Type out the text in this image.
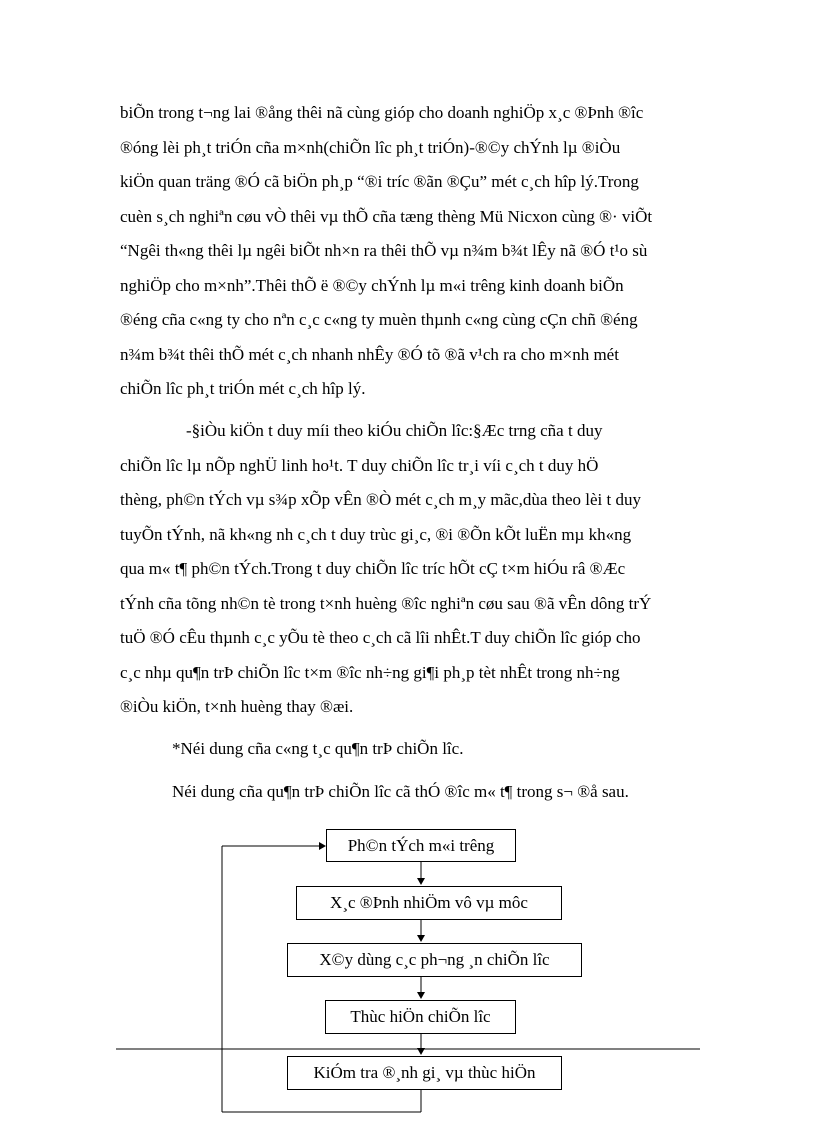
biÕn trong t¬ng lai ®ång thêi nã cùng gióp cho doanh nghiÖp x¸c ®Þnh ®îc
®óng lèi ph¸t triÓn cña m×nh(chiÕn lîc ph¸t triÓn)-®©y chÝnh lµ ®iÒu
kiÖn quan träng ®Ó cã biÖn ph¸p “®i tríc ®ãn ®Çu” mét c¸ch hîp lý.Trong
cuèn s¸ch nghiªn cøu vÒ thêi vµ thÕ cña tæng thèng Mü Nicxon cùng ®· viÕt
“Ngêi th«ng thêi lµ ngêi biÕt nh×n ra thêi thÕ vµ n¾m b¾t lÊy nã ®Ó t¹o sù
nghiÖp cho m×nh”.Thêi thÕ ë ®©y chÝnh lµ m«i trêng kinh doanh biÕn
®éng cña c«ng ty cho nªn c¸c c«ng ty muèn thµnh c«ng cùng cÇn chñ ®éng
n¾m b¾t thêi thÕ mét c¸ch nhanh nhÊy ®Ó tõ ®ã v¹ch ra cho m×nh mét
chiÕn lîc ph¸t triÓn mét c¸ch hîp lý.
-§iÒu kiÖn t duy míi theo kiÓu chiÕn lîc:§Æc trng cña t duy
chiÕn lîc lµ nÕp nghÜ linh ho¹t. T duy chiÕn lîc tr¸i víi c¸ch t duy hÖ
thèng, ph©n tÝch vµ s¾p xÕp vÊn ®Ò mét c¸ch m¸y mãc,dùa theo lèi t duy
tuyÕn tÝnh, nã kh«ng nh c¸ch t duy trùc gi¸c, ®i ®Õn kÕt luËn mµ kh«ng
qua m« t¶ ph©n tÝch.Trong t duy chiÕn lîc tríc hÕt cÇ t×m hiÓu râ ®Æc
tÝnh cña tõng nh©n tè trong t×nh huèng ®îc nghiªn cøu sau ®ã vÊn dông trÝ
tuÖ ®Ó cÊu thµnh c¸c yÕu tè theo c¸ch cã lîi nhÊt.T duy chiÕn lîc gióp cho
c¸c nhµ qu¶n trÞ chiÕn lîc t×m ®îc nh÷ng gi¶i ph¸p tèt nhÊt trong nh÷ng
®iÒu kiÖn, t×nh huèng thay ®æi.
*Néi dung cña c«ng t¸c qu¶n trÞ chiÕn lîc.
Néi dung cña qu¶n trÞ chiÕn lîc cã thÓ ®îc m« t¶ trong s¬ ®å sau.
Ph©n tÝch m«i trêng
X¸c ®Þnh nhiÖm vô vµ môc
X©y dùng c¸c ph¬ng ¸n chiÕn lîc
Thùc hiÖn chiÕn lîc
KiÓm tra ®¸nh gi¸ vµ thùc hiÖn
